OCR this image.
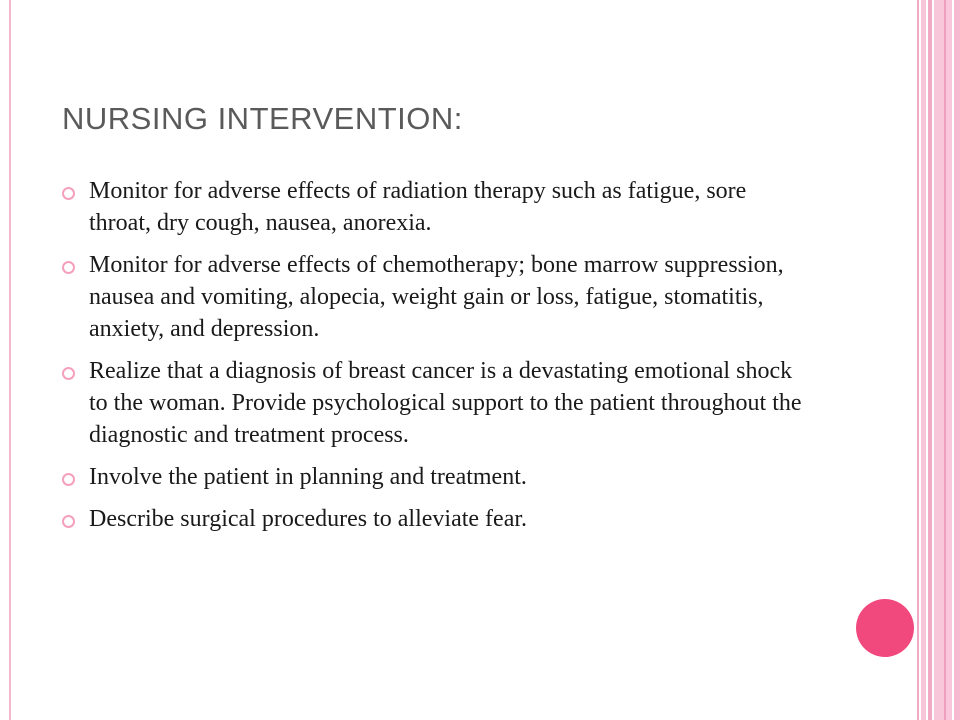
NURSING INTERVENTION:
Monitor for adverse effects of radiation therapy such as fatigue, sore throat, dry cough, nausea, anorexia.
Monitor for adverse effects of chemotherapy; bone marrow suppression, nausea and vomiting, alopecia, weight gain or loss, fatigue, stomatitis, anxiety, and depression.
Realize that a diagnosis of breast cancer is a devastating emotional shock to the woman. Provide psychological support to the patient throughout the diagnostic and treatment process.
Involve the patient in planning and treatment.
Describe surgical procedures to alleviate fear.
